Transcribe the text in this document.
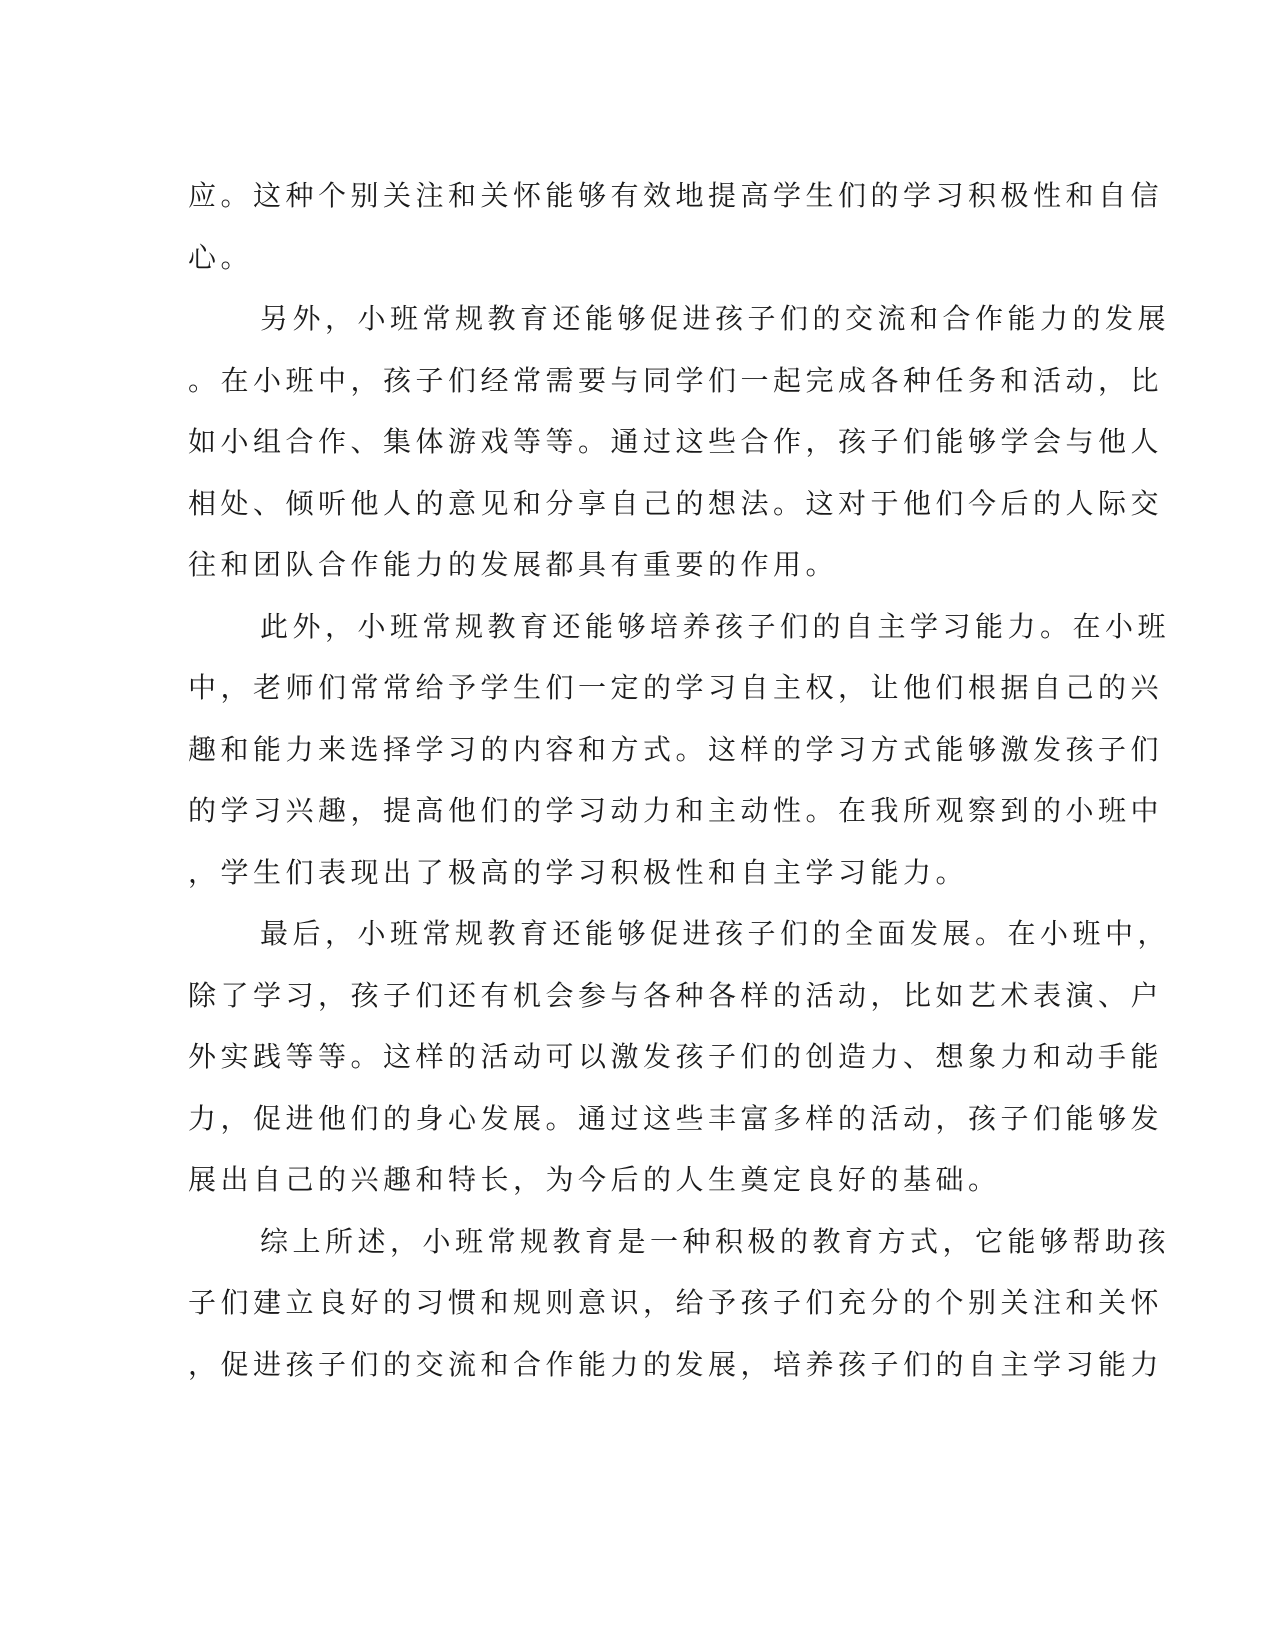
应。这种个别关注和关怀能够有效地提高学生们的学习积极性和自信
心。
另外，小班常规教育还能够促进孩子们的交流和合作能力的发展
。在小班中，孩子们经常需要与同学们一起完成各种任务和活动，比
如小组合作、集体游戏等等。通过这些合作，孩子们能够学会与他人
相处、倾听他人的意见和分享自己的想法。这对于他们今后的人际交
往和团队合作能力的发展都具有重要的作用。
此外，小班常规教育还能够培养孩子们的自主学习能力。在小班
中，老师们常常给予学生们一定的学习自主权，让他们根据自己的兴
趣和能力来选择学习的内容和方式。这样的学习方式能够激发孩子们
的学习兴趣，提高他们的学习动力和主动性。在我所观察到的小班中
，学生们表现出了极高的学习积极性和自主学习能力。
最后，小班常规教育还能够促进孩子们的全面发展。在小班中，
除了学习，孩子们还有机会参与各种各样的活动，比如艺术表演、户
外实践等等。这样的活动可以激发孩子们的创造力、想象力和动手能
力，促进他们的身心发展。通过这些丰富多样的活动，孩子们能够发
展出自己的兴趣和特长，为今后的人生奠定良好的基础。
综上所述，小班常规教育是一种积极的教育方式，它能够帮助孩
子们建立良好的习惯和规则意识，给予孩子们充分的个别关注和关怀
，促进孩子们的交流和合作能力的发展，培养孩子们的自主学习能力
